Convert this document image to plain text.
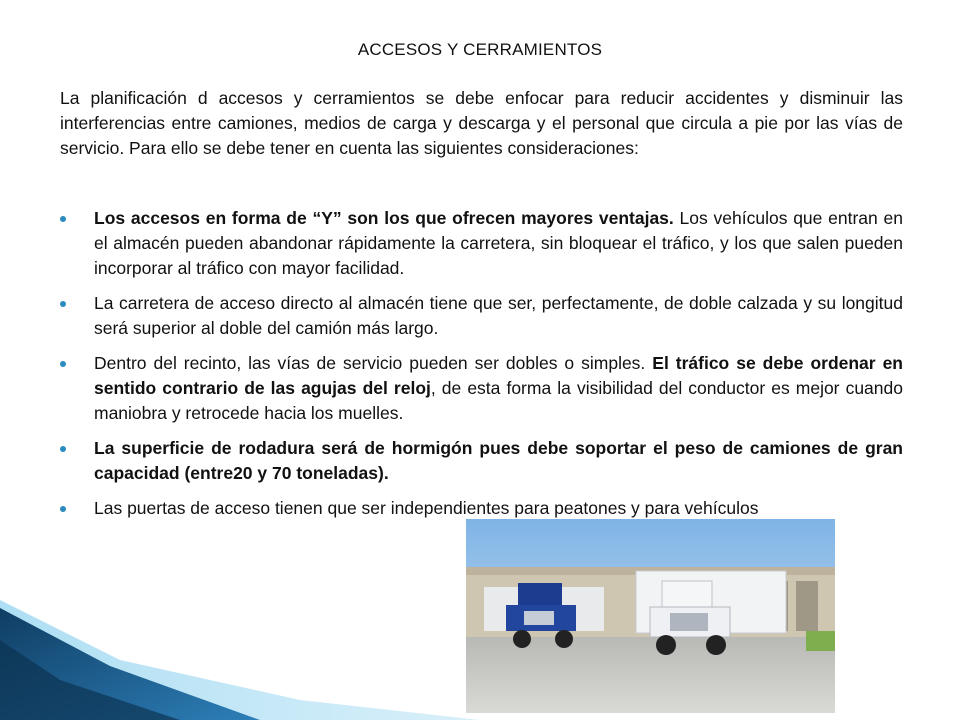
ACCESOS Y CERRAMIENTOS
La planificación d accesos y cerramientos se debe enfocar para reducir accidentes y disminuir las interferencias entre camiones, medios de carga y descarga y el personal que circula a pie por las vías de servicio. Para ello se debe tener en cuenta las siguientes consideraciones:
Los accesos en forma de “Y” son los que ofrecen mayores ventajas. Los vehículos que entran en el almacén pueden abandonar rápidamente la carretera, sin bloquear el tráfico, y los que salen pueden incorporar al tráfico con mayor facilidad.
La carretera de acceso directo al almacén tiene que ser, perfectamente, de doble calzada y su longitud será superior al doble del camión más largo.
Dentro del recinto, las vías de servicio pueden ser dobles o simples. El tráfico se debe ordenar en sentido contrario de las agujas del reloj, de esta forma la visibilidad del conductor es mejor cuando maniobra y retrocede hacia los muelles.
La superficie de rodadura será de hormigón pues debe soportar el peso de camiones de gran capacidad (entre20 y 70 toneladas).
Las puertas de acceso tienen que ser independientes para peatones y para vehículos
